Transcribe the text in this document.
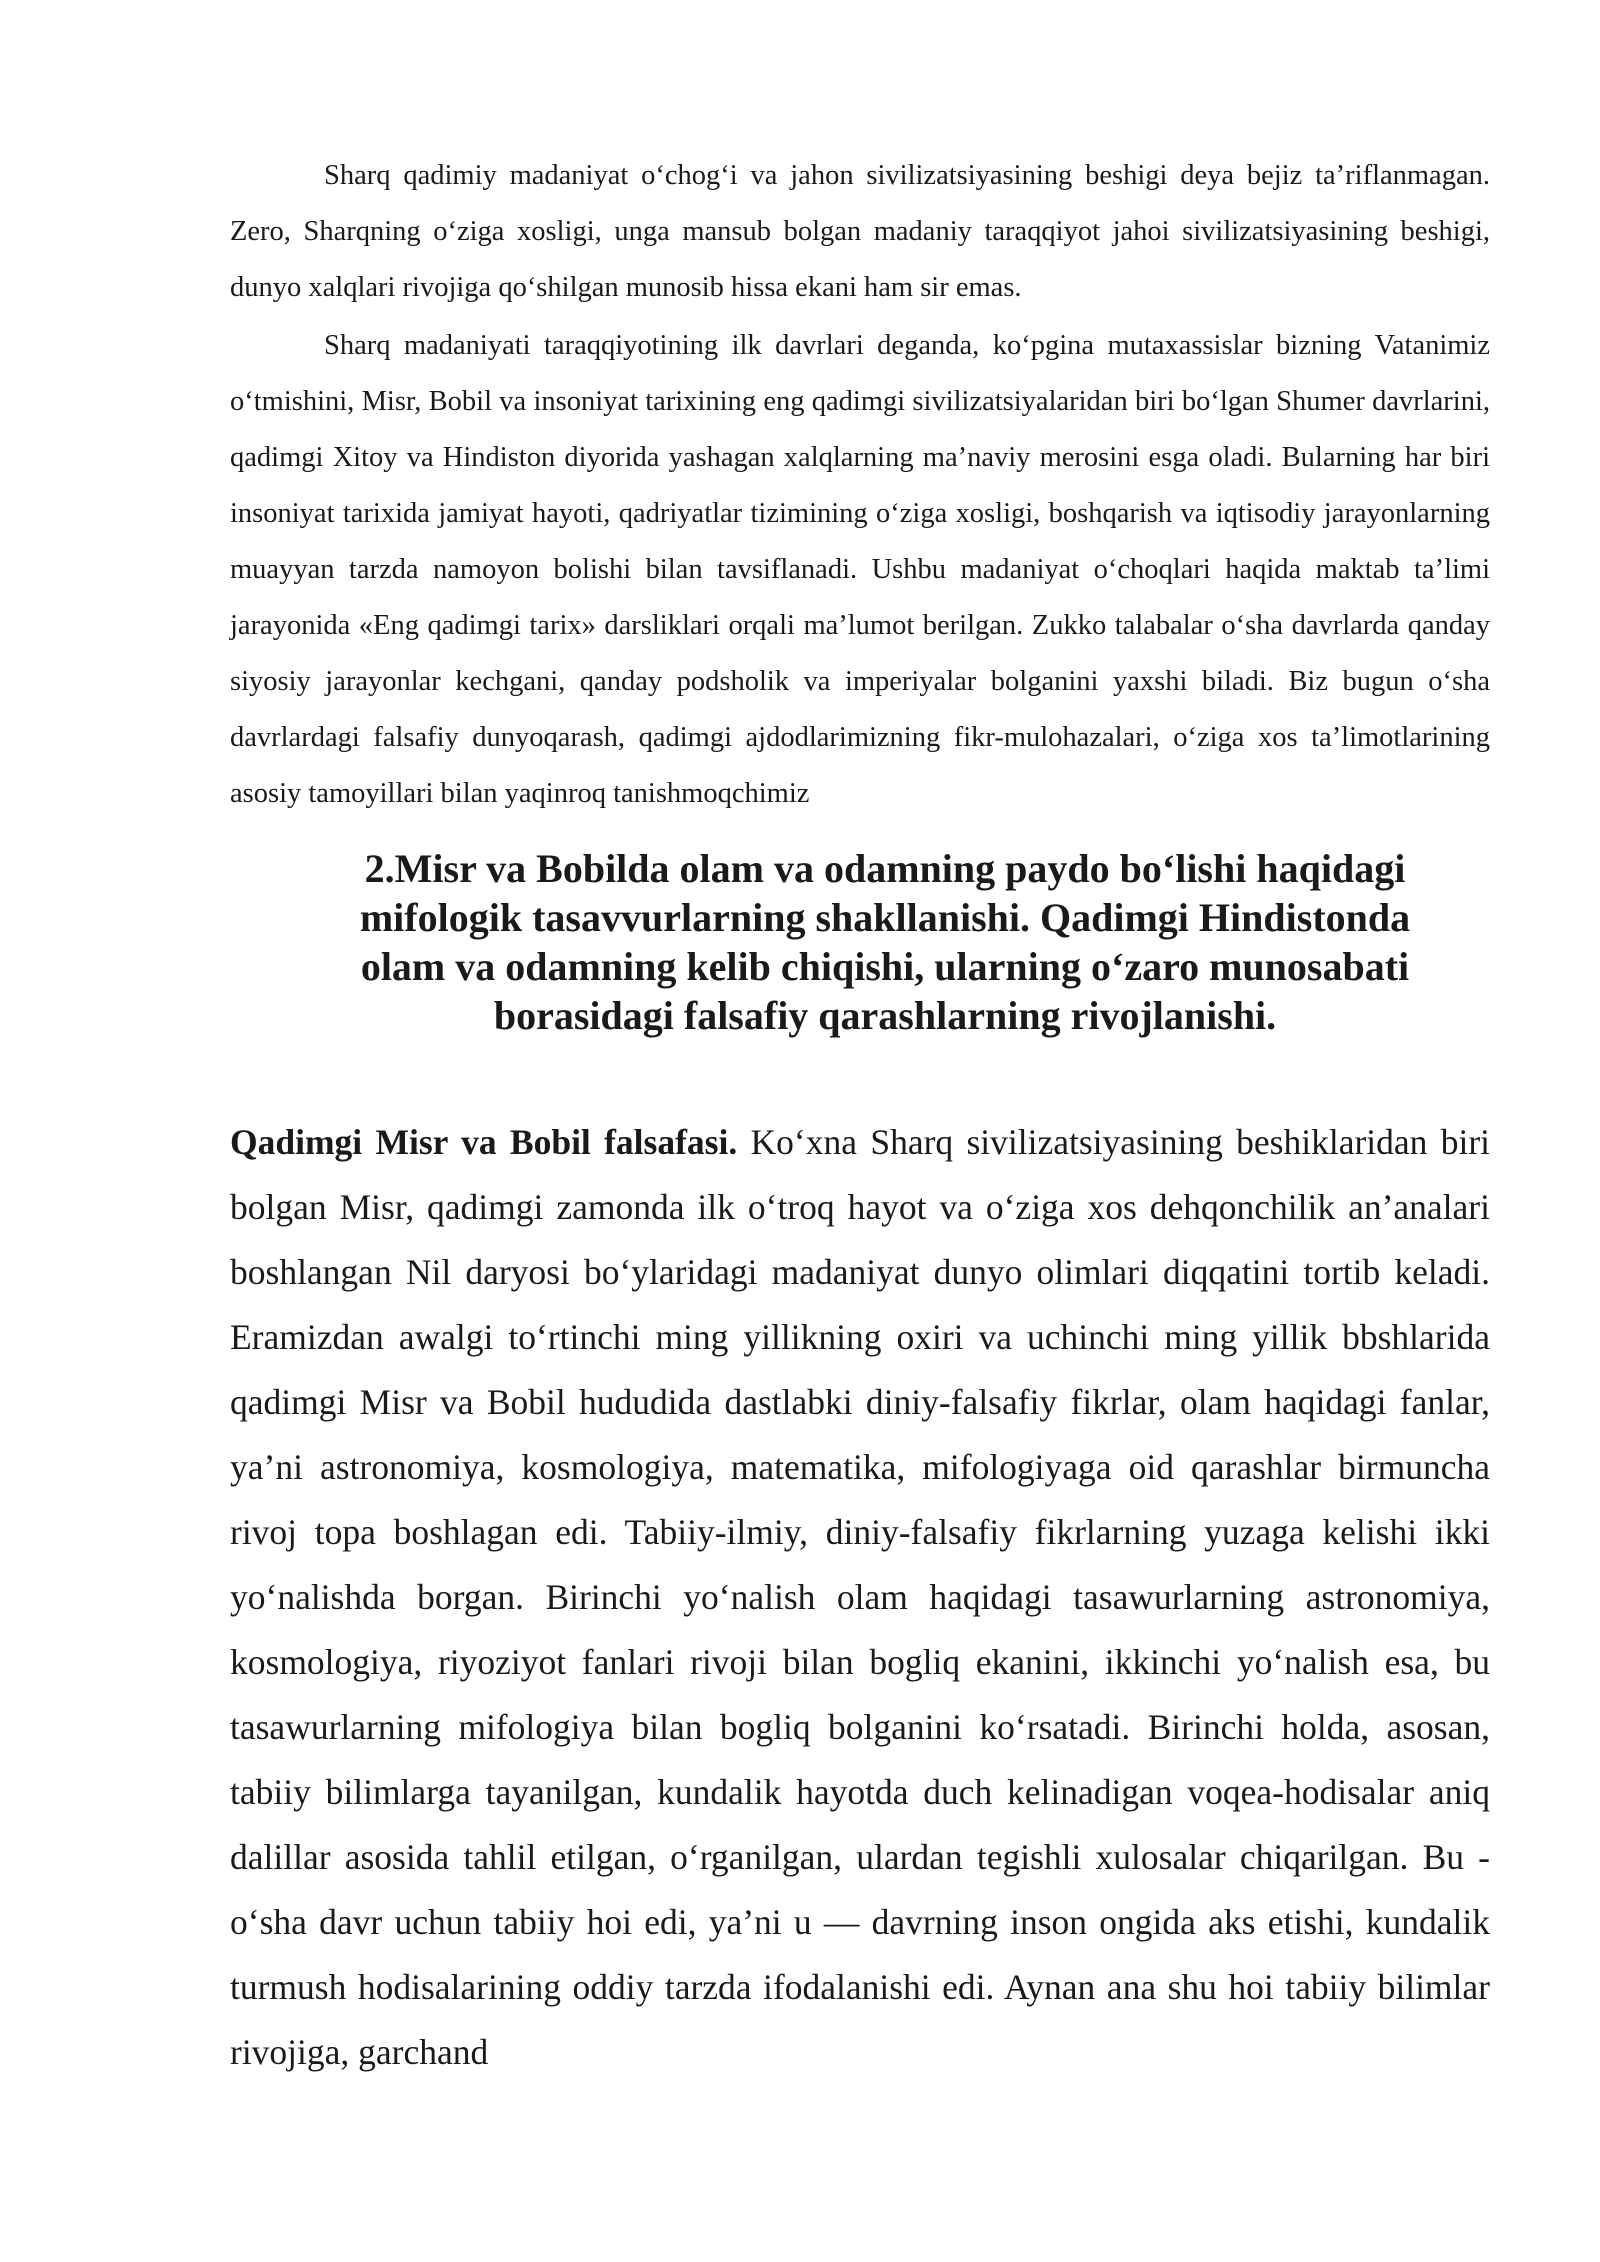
Sharq qadimiy madaniyat o‘chog‘i va jahon sivilizatsiyasining beshigi deya bejiz ta’riflanmagan. Zero, Sharqning o‘ziga xosligi, unga mansub bolgan madaniy taraqqiyot jahoi sivilizatsiyasining beshigi, dunyo xalqlari rivojiga qo‘shilgan munosib hissa ekani ham sir emas.

Sharq madaniyati taraqqiyotining ilk davrlari deganda, ko‘pgina mutaxassislar bizning Vatanimiz o‘tmishini, Misr, Bobil va insoniyat tarixining eng qadimgi sivilizatsiyalaridan biri bo‘lgan Shumer davrlarini, qadimgi Xitoy va Hindiston diyorida yashagan xalqlarning ma’naviy merosini esga oladi. Bularning har biri insoniyat tarixida jamiyat hayoti, qadriyatlar tizimining o‘ziga xosligi, boshqarish va iqtisodiy jarayonlarning muayyan tarzda namoyon bolishi bilan tavsiflanadi. Ushbu madaniyat o‘choqlari haqida maktab ta’limi jarayonida «Eng qadimgi tarix» darsliklari orqali ma’lumot berilgan. Zukko talabalar o‘sha davrlarda qanday siyosiy jarayonlar kechgani, qanday podsholik va imperiyalar bolganini yaxshi biladi. Biz bugun o‘sha davrlardagi falsafiy dunyoqarash, qadimgi ajdodlarimizning fikr-mulohazalari, o‘ziga xos ta’limotlarining asosiy tamoyillari bilan yaqinroq tanishmoqchimiz

2.Misr va Bobilda olam va odamning paydo bo‘lishi haqidagi mifologik tasavvurlarning shakllanishi. Qadimgi Hindistonda olam va odamning kelib chiqishi, ularning o‘zaro munosabati borasidagi falsafiy qarashlarning rivojlanishi.

Qadimgi Misr va Bobil falsafasi. Ko‘xna Sharq sivilizatsiyasining beshiklaridan biri bolgan Misr, qadimgi zamonda ilk o‘troq hayot va o‘ziga xos dehqonchilik an’analari boshlangan Nil daryosi bo‘ylaridagi madaniyat dunyo olimlari diqqatini tortib keladi. Eramizdan awalgi to‘rtinchi ming yillikning oxiri va uchinchi ming yillik bbshlarida qadimgi Misr va Bobil hududida dastlabki diniy-falsafiy fikrlar, olam haqidagi fanlar, ya’ni astronomiya, kosmologiya, matematika, mifologiyaga oid qarashlar birmuncha rivoj topa boshlagan edi. Tabiiy-ilmiy, diniy-falsafiy fikrlarning yuzaga kelishi ikki yo‘nalishda borgan. Birinchi yo‘nalish olam haqidagi tasawurlarning astronomiya, kosmologiya, riyoziyot fanlari rivoji bilan bogliq ekanini, ikkinchi yo‘nalish esa, bu tasawurlarning mifologiya bilan bogliq bolganini ko‘rsatadi. Birinchi holda, asosan, tabiiy bilimlarga tayanilgan, kundalik hayotda duch kelinadigan voqea-hodisalar aniq dalillar asosida tahlil etilgan, o‘rganilgan, ulardan tegishli xulosalar chiqarilgan. Bu - o‘sha davr uchun tabiiy hoi edi, ya’ni u — davrning inson ongida aks etishi, kundalik turmush hodisalarining oddiy tarzda ifodalanishi edi. Aynan ana shu hoi tabiiy bilimlar rivojiga, garchand
